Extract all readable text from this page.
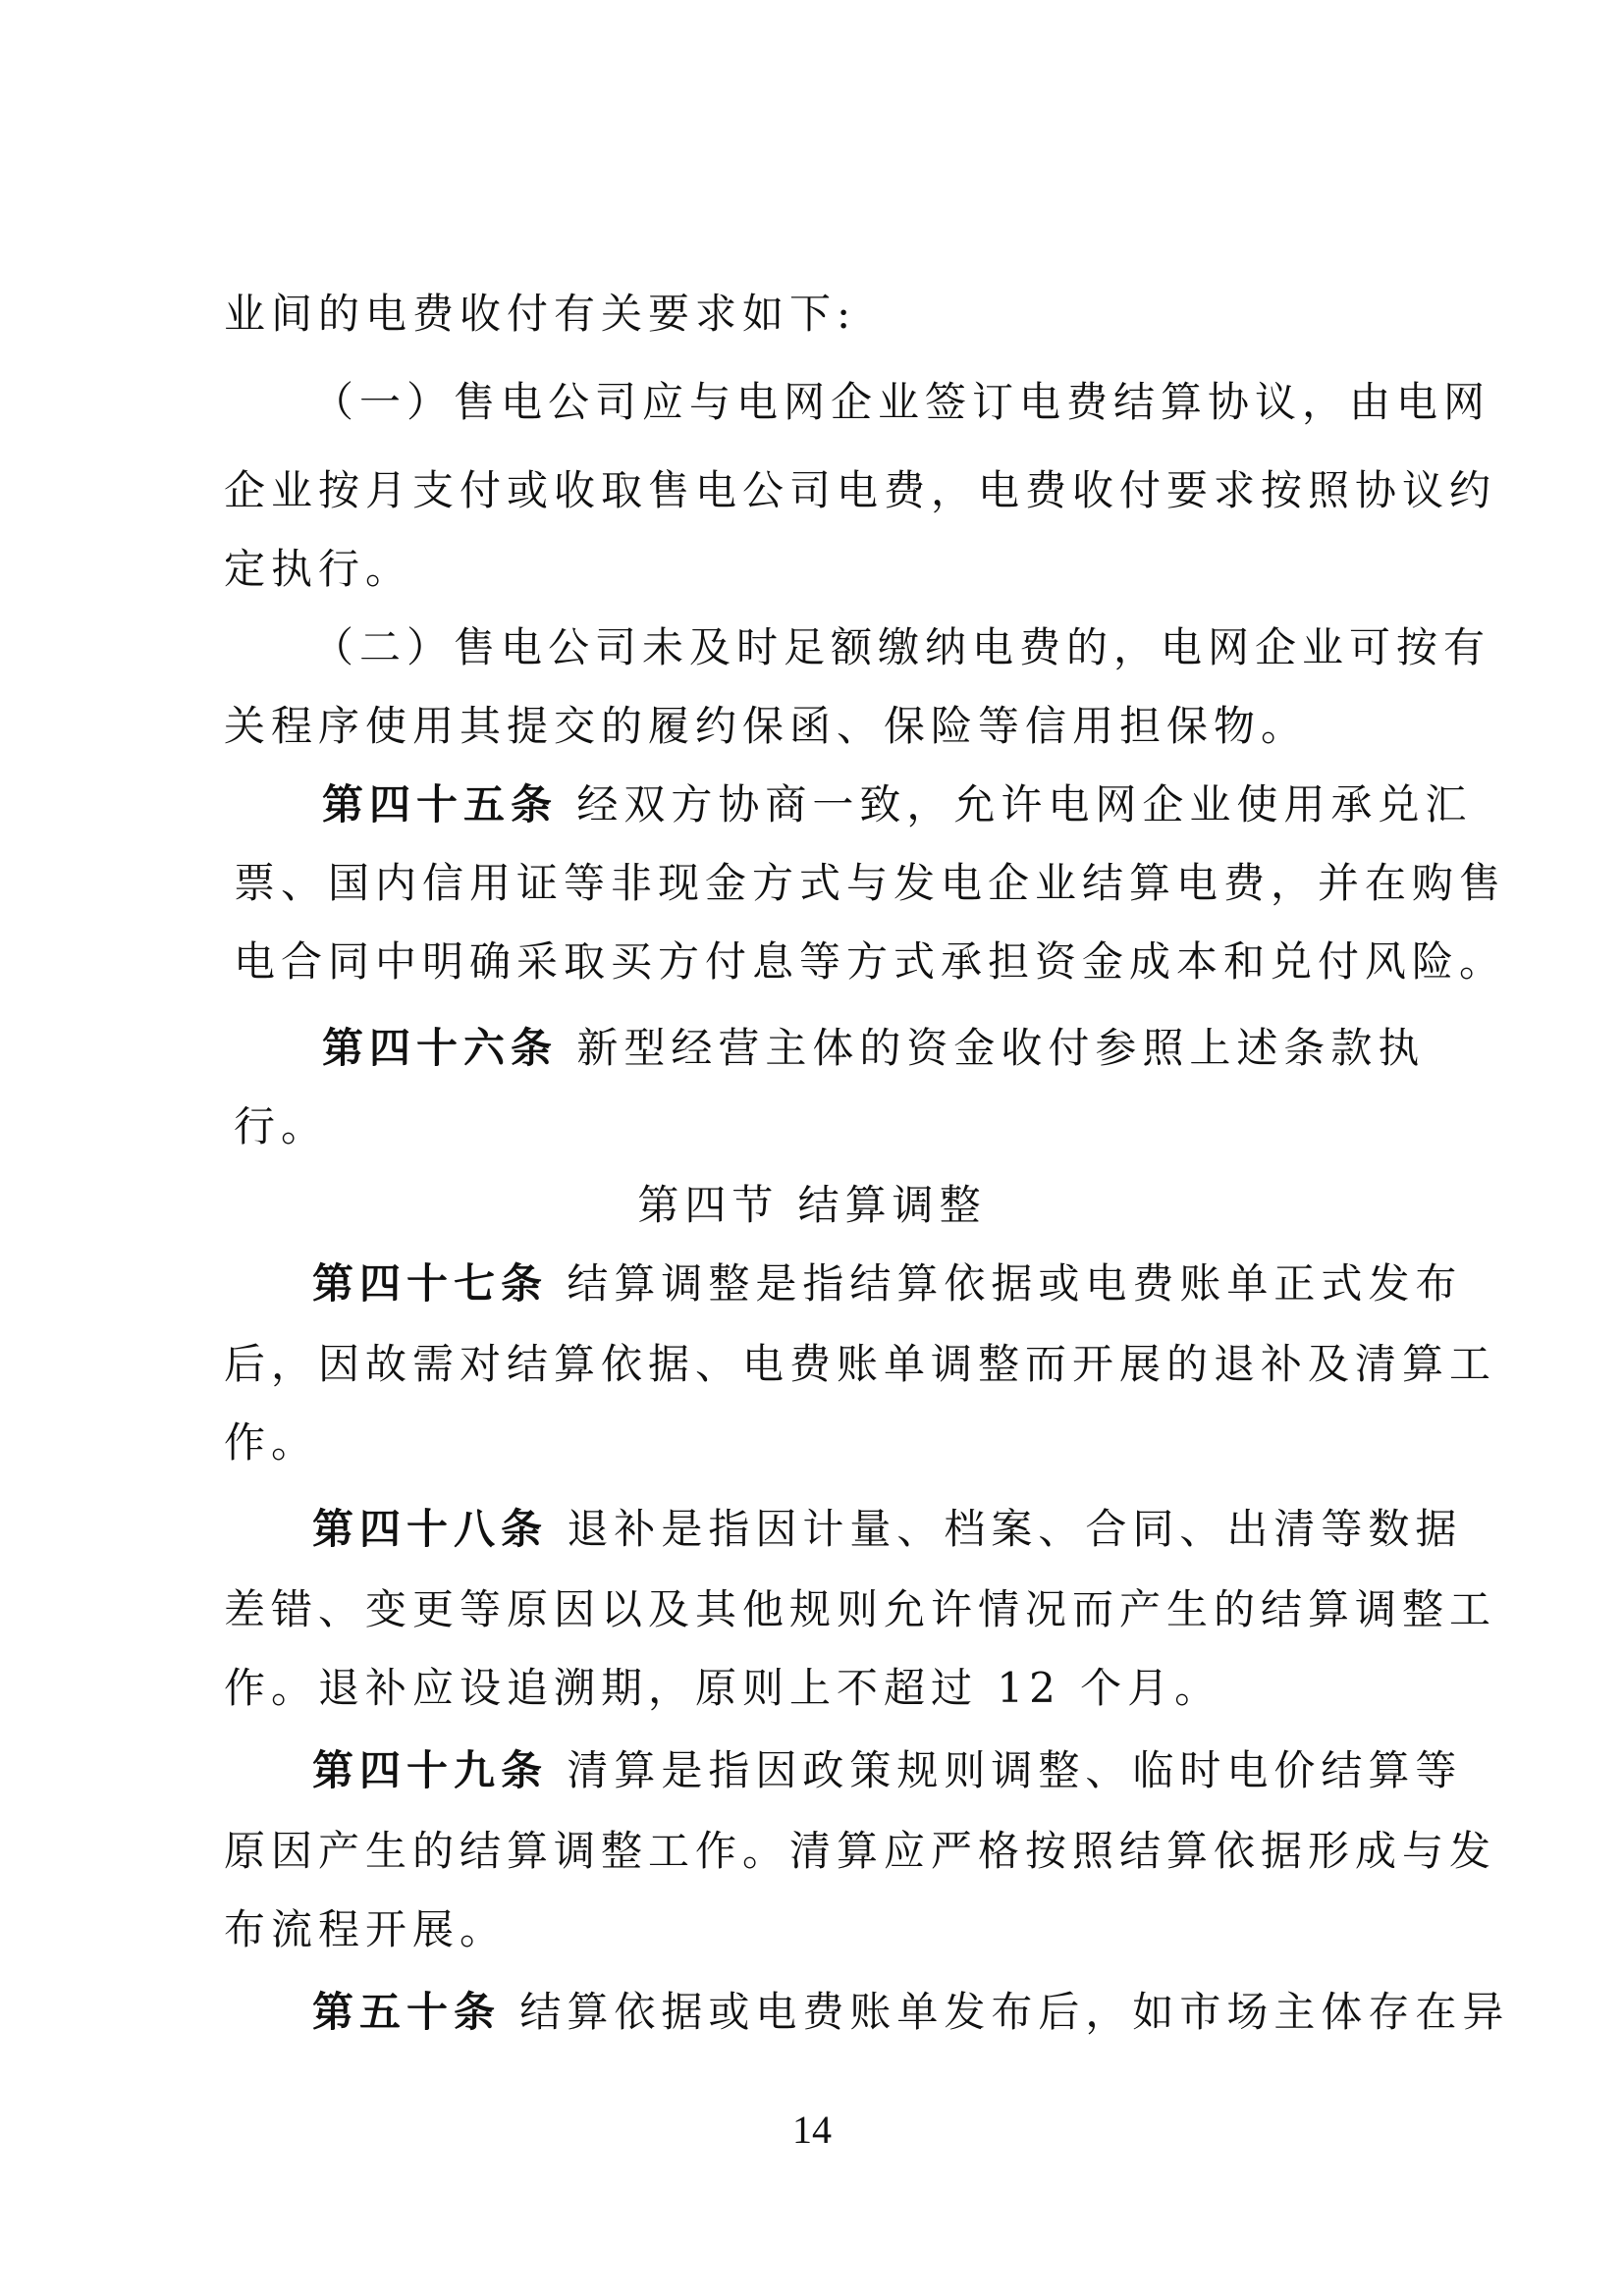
业间的电费收付有关要求如下:
（一）售电公司应与电网企业签订电费结算协议，由电网
企业按月支付或收取售电公司电费，电费收付要求按照协议约
定执行。
（二）售电公司未及时足额缴纳电费的，电网企业可按有
关程序使用其提交的履约保函、保险等信用担保物。
第四十五条 经双方协商一致，允许电网企业使用承兑汇
票、国内信用证等非现金方式与发电企业结算电费，并在购售
电合同中明确采取买方付息等方式承担资金成本和兑付风险。
第四十六条 新型经营主体的资金收付参照上述条款执
行。
第四节 结算调整
第四十七条 结算调整是指结算依据或电费账单正式发布
后，因故需对结算依据、电费账单调整而开展的退补及清算工
作。
第四十八条 退补是指因计量、档案、合同、出清等数据
差错、变更等原因以及其他规则允许情况而产生的结算调整工
作。退补应设追溯期，原则上不超过 12 个月。
第四十九条 清算是指因政策规则调整、临时电价结算等
原因产生的结算调整工作。清算应严格按照结算依据形成与发
布流程开展。
第五十条 结算依据或电费账单发布后，如市场主体存在异
14
